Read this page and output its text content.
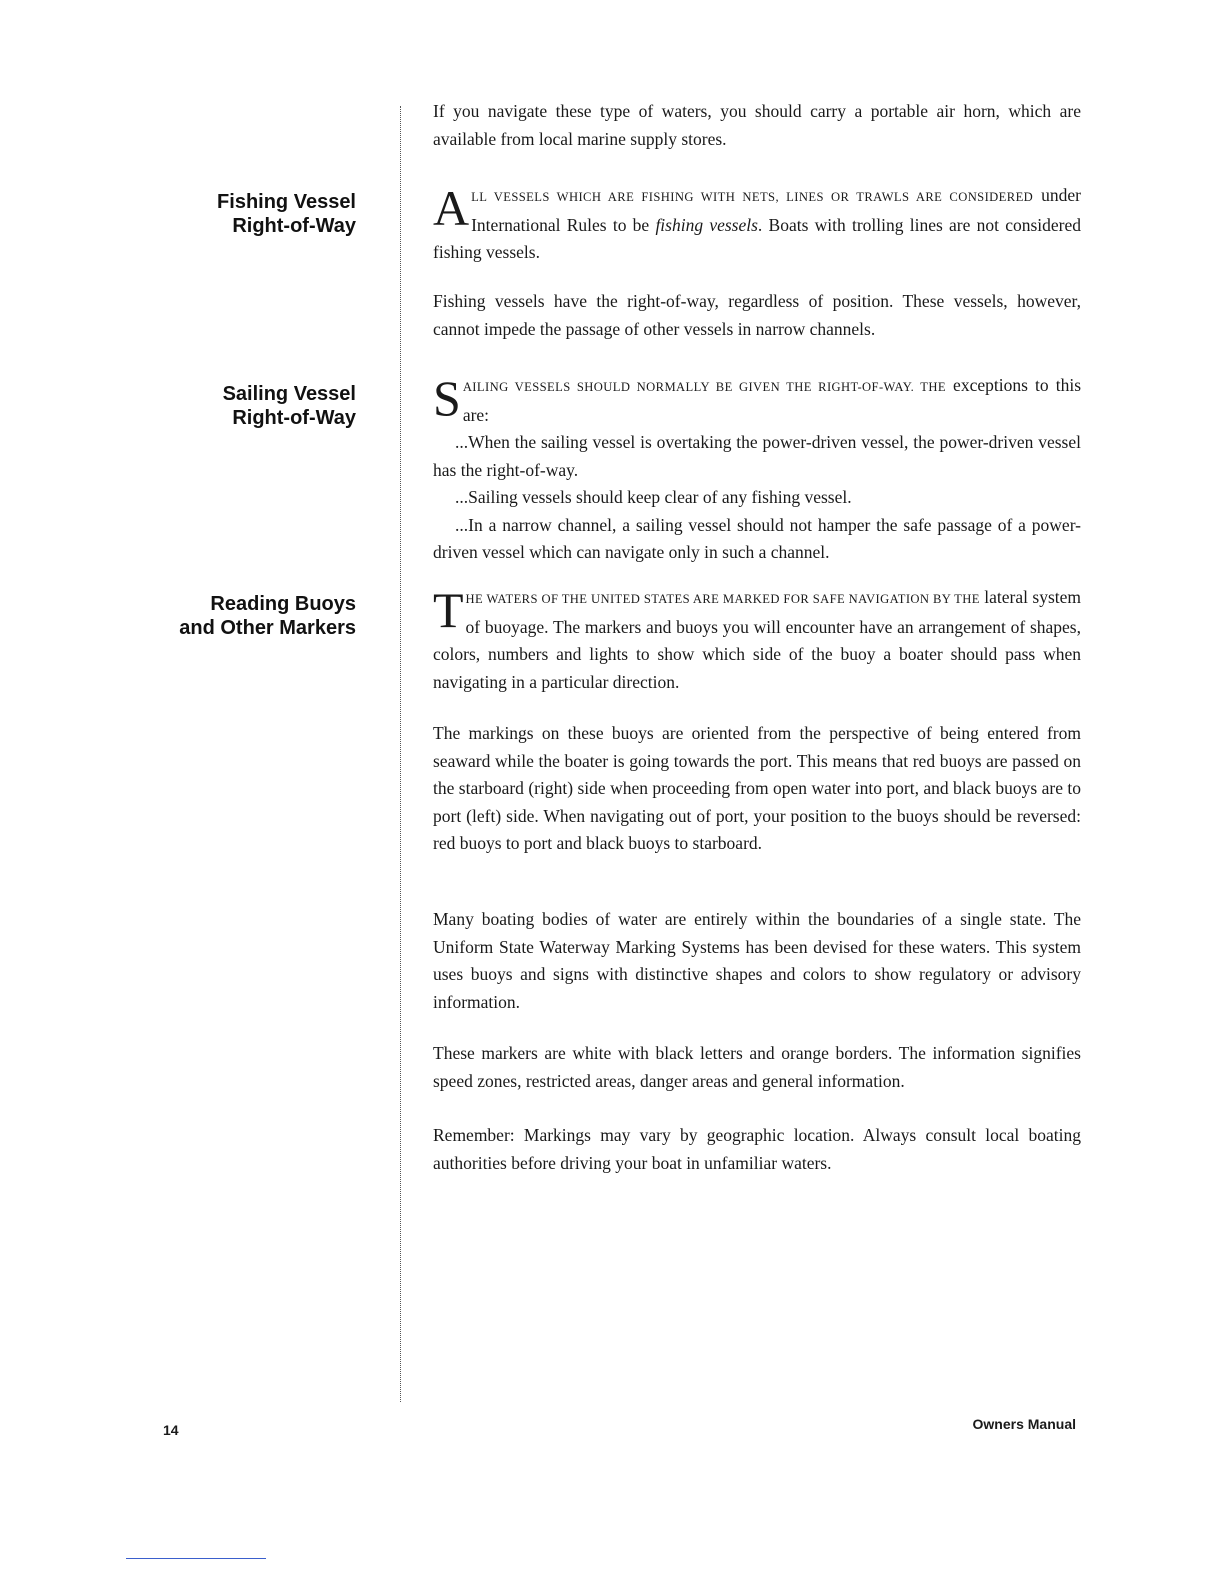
If you navigate these type of waters, you should carry a portable air horn, which are available from local marine supply stores.

Fishing Vessel
Right-of-Way ALL VESSELS WHICH ARE FISHING WITH NETS, LINES OR TRAWLS ARE CONSIDERED under International Rules to be fishing vessels. Boats with trolling lines are not considered fishing vessels.

Fishing vessels have the right-of-way, regardless of position. These vessels, however, cannot impede the passage of other vessels in narrow channels.

Sailing Vessel
Right-of-Way SAILING VESSELS SHOULD NORMALLY BE GIVEN THE RIGHT-OF-WAY. THE exceptions to this are:
...When the sailing vessel is overtaking the power-driven vessel, the power-driven vessel has the right-of-way.
...Sailing vessels should keep clear of any fishing vessel.
...In a narrow channel, a sailing vessel should not hamper the safe passage of a power-driven vessel which can navigate only in such a channel.

Reading Buoys
and Other Markers THE WATERS OF THE UNITED STATES ARE MARKED FOR SAFE NAVIGATION BY THE lateral system of buoyage. The markers and buoys you will encounter have an arrangement of shapes, colors, numbers and lights to show which side of the buoy a boater should pass when navigating in a particular direction.

The markings on these buoys are oriented from the perspective of being entered from seaward while the boater is going towards the port. This means that red buoys are passed on the starboard (right) side when proceeding from open water into port, and black buoys are to port (left) side. When navigating out of port, your position to the buoys should be reversed: red buoys to port and black buoys to starboard.

Many boating bodies of water are entirely within the boundaries of a single state. The Uniform State Waterway Marking Systems has been devised for these waters. This system uses buoys and signs with distinctive shapes and colors to show regulatory or advisory information.

These markers are white with black letters and orange borders. The information signifies speed zones, restricted areas, danger areas and general information.

Remember: Markings may vary by geographic location. Always consult local boating authorities before driving your boat in unfamiliar waters.

14	Owners Manual
